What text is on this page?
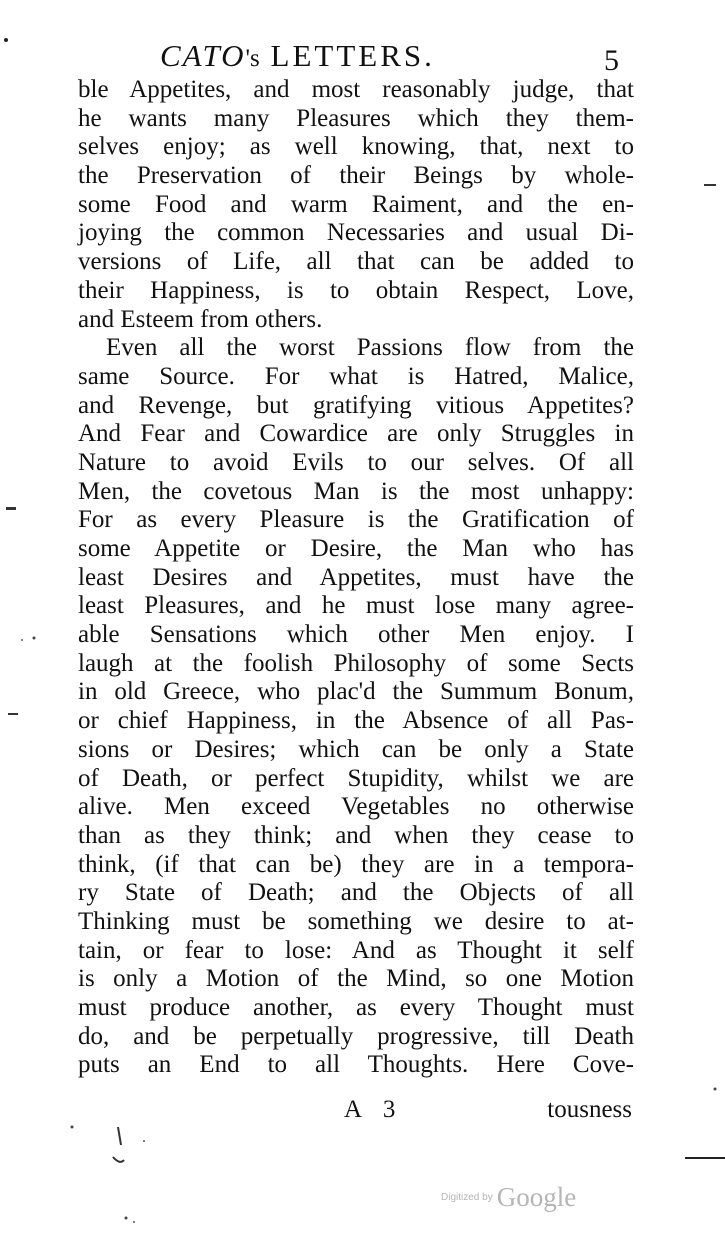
CATO's LETTERS.	5
ble Appetites, and most reasonably judge, that
he wants many Pleasures which they them-
selves enjoy; as well knowing, that, next to
the Preservation of their Beings by whole-
some Food and warm Raiment, and the en-
joying the common Necessaries and usual Di-
versions of Life, all that can be added to
their Happiness, is to obtain Respect, Love,
and Esteem from others.
Even all the worst Passions flow from the
same Source. For what is Hatred, Malice,
and Revenge, but gratifying vitious Appetites?
And Fear and Cowardice are only Struggles in
Nature to avoid Evils to our selves. Of all
Men, the covetous Man is the most unhappy:
For as every Pleasure is the Gratification of
some Appetite or Desire, the Man who has
least Desires and Appetites, must have the
least Pleasures, and he must lose many agree-
able Sensations which other Men enjoy. I
laugh at the foolish Philosophy of some Sects
in old Greece, who plac'd the Summum Bonum,
or chief Happiness, in the Absence of all Pas-
sions or Desires; which can be only a State
of Death, or perfect Stupidity, whilst we are
alive. Men exceed Vegetables no otherwise
than as they think; and when they cease to
think, (if that can be) they are in a tempora-
ry State of Death; and the Objects of all
Thinking must be something we desire to at-
tain, or fear to lose: And as Thought it self
is only a Motion of the Mind, so one Motion
must produce another, as every Thought must
do, and be perpetually progressive, till Death
puts an End to all Thoughts. Here Cove-
A 3	tousness
Digitized by Google
